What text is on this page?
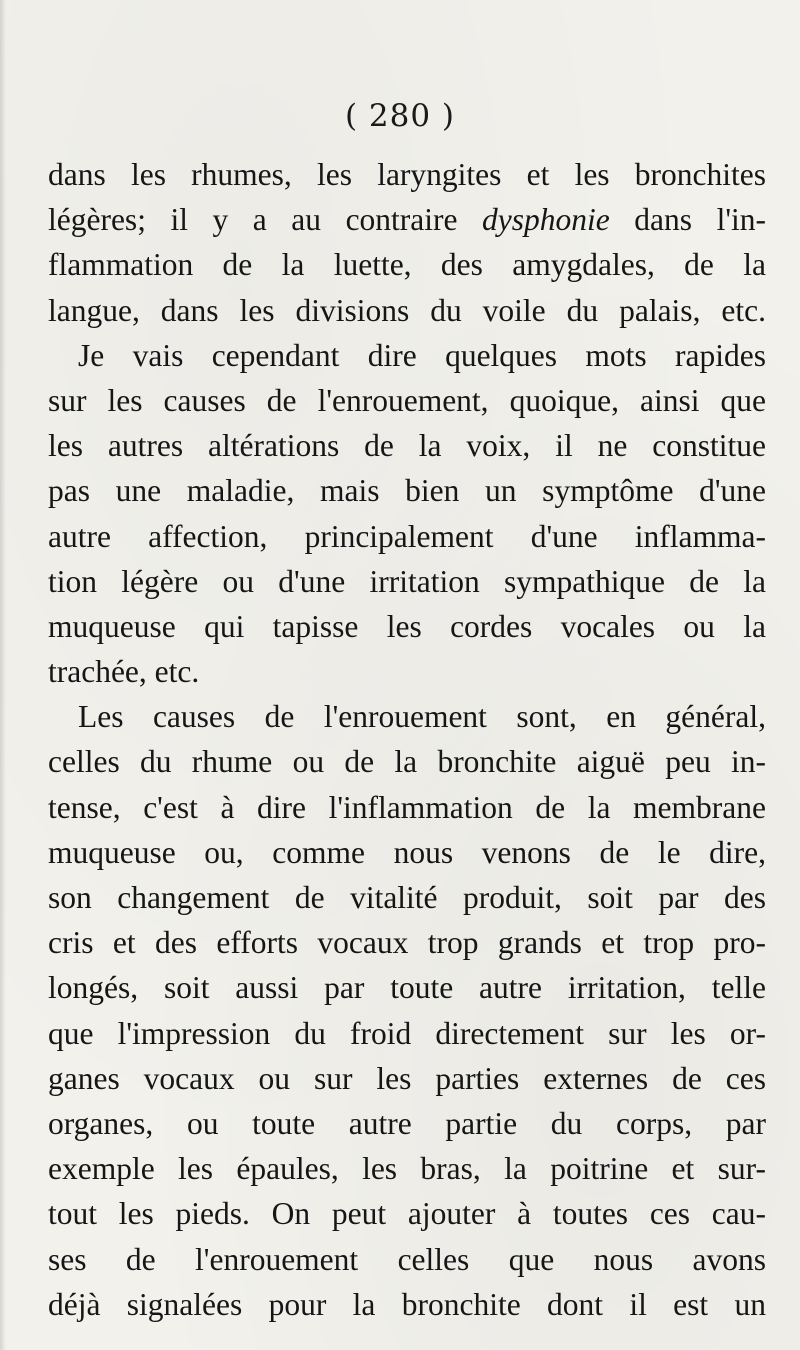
( 280 )
dans les rhumes, les laryngites et les bronchites
légères; il y a au contraire dysphonie dans l'in-
flammation de la luette, des amygdales, de la
langue, dans les divisions du voile du palais, etc.
Je vais cependant dire quelques mots rapides
sur les causes de l'enrouement, quoique, ainsi que
les autres altérations de la voix, il ne constitue
pas une maladie, mais bien un symptôme d'une
autre affection, principalement d'une inflamma-
tion légère ou d'une irritation sympathique de la
muqueuse qui tapisse les cordes vocales ou la
trachée, etc.
Les causes de l'enrouement sont, en général,
celles du rhume ou de la bronchite aiguë peu in-
tense, c'est à dire l'inflammation de la membrane
muqueuse ou, comme nous venons de le dire,
son changement de vitalité produit, soit par des
cris et des efforts vocaux trop grands et trop pro-
longés, soit aussi par toute autre irritation, telle
que l'impression du froid directement sur les or-
ganes vocaux ou sur les parties externes de ces
organes, ou toute autre partie du corps, par
exemple les épaules, les bras, la poitrine et sur-
tout les pieds. On peut ajouter à toutes ces cau-
ses de l'enrouement celles que nous avons
déjà signalées pour la bronchite dont il est un
